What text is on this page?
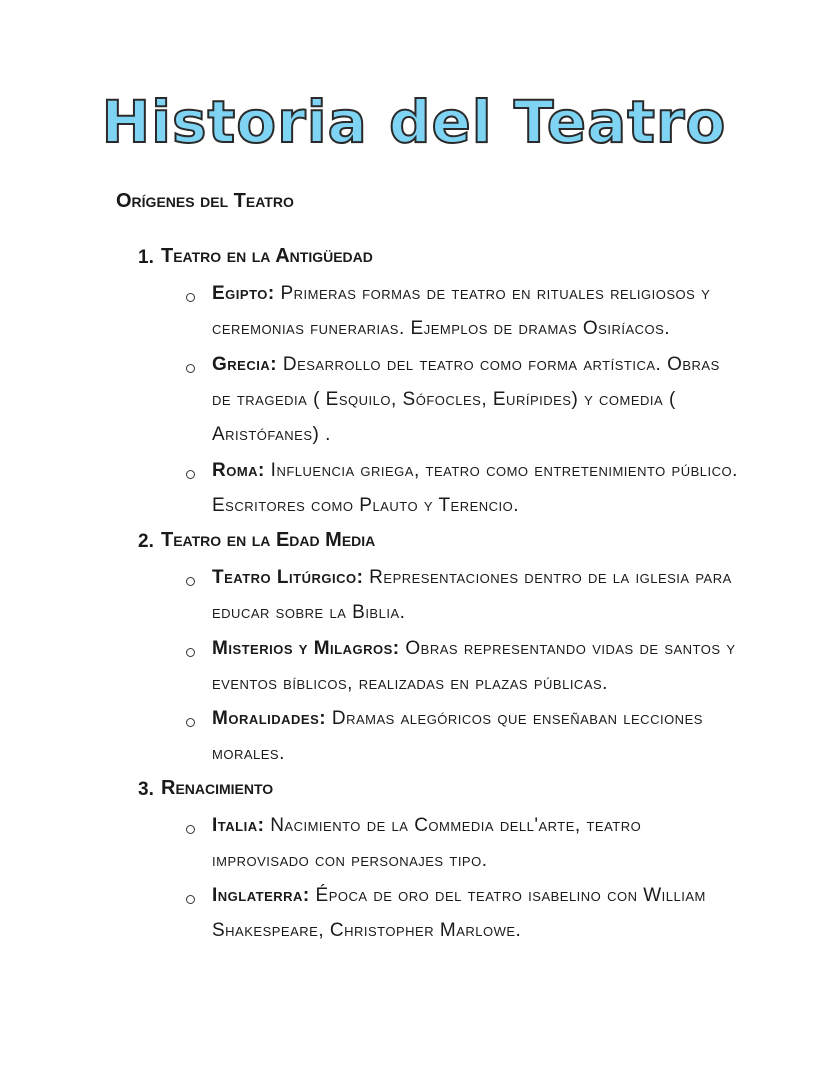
Historia del Teatro
Orígenes del Teatro
1. Teatro en la Antigüedad
Egipto: Primeras formas de teatro en rituales religiosos y ceremonias funerarias. Ejemplos de dramas Osiríacos.
Grecia: Desarrollo del teatro como forma artística. Obras de tragedia ( Esquilo, Sófocles, Eurípides) y comedia ( Aristófanes) .
Roma: Influencia griega, teatro como entretenimiento público. Escritores como Plauto y Terencio.
2. Teatro en la Edad Media
Teatro Litúrgico: Representaciones dentro de la iglesia para educar sobre la Biblia.
Misterios y Milagros: Obras representando vidas de santos y eventos bíblicos, realizadas en plazas públicas.
Moralidades: Dramas alegóricos que enseñaban lecciones morales.
3. Renacimiento
Italia: Nacimiento de la Commedia dell'arte, teatro improvisado con personajes tipo.
Inglaterra: Época de oro del teatro isabelino con William Shakespeare, Christopher Marlowe.
